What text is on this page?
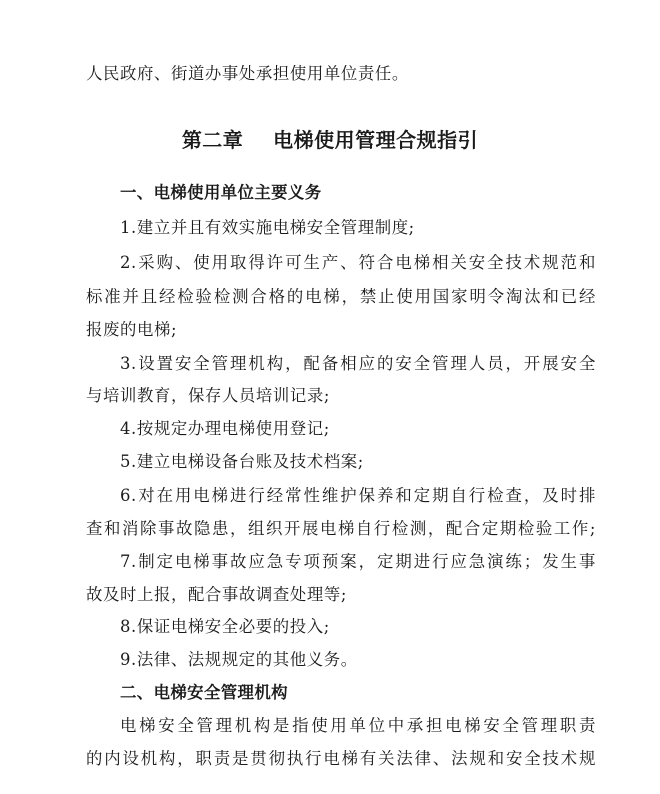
人民政府、街道办事处承担使用单位责任。
第二章    电梯使用管理合规指引
一、电梯使用单位主要义务
1.建立并且有效实施电梯安全管理制度;
2.采购、使用取得许可生产、符合电梯相关安全技术规范和
标准并且经检验检测合格的电梯，禁止使用国家明令淘汰和已经
报废的电梯;
3.设置安全管理机构，配备相应的安全管理人员，开展安全
与培训教育，保存人员培训记录;
4.按规定办理电梯使用登记;
5.建立电梯设备台账及技术档案;
6.对在用电梯进行经常性维护保养和定期自行检查，及时排
查和消除事故隐患，组织开展电梯自行检测，配合定期检验工作;
7.制定电梯事故应急专项预案，定期进行应急演练；发生事
故及时上报，配合事故调查处理等;
8.保证电梯安全必要的投入;
9.法律、法规规定的其他义务。
二、电梯安全管理机构
电梯安全管理机构是指使用单位中承担电梯安全管理职责
的内设机构，职责是贯彻执行电梯有关法律、法规和安全技术规
